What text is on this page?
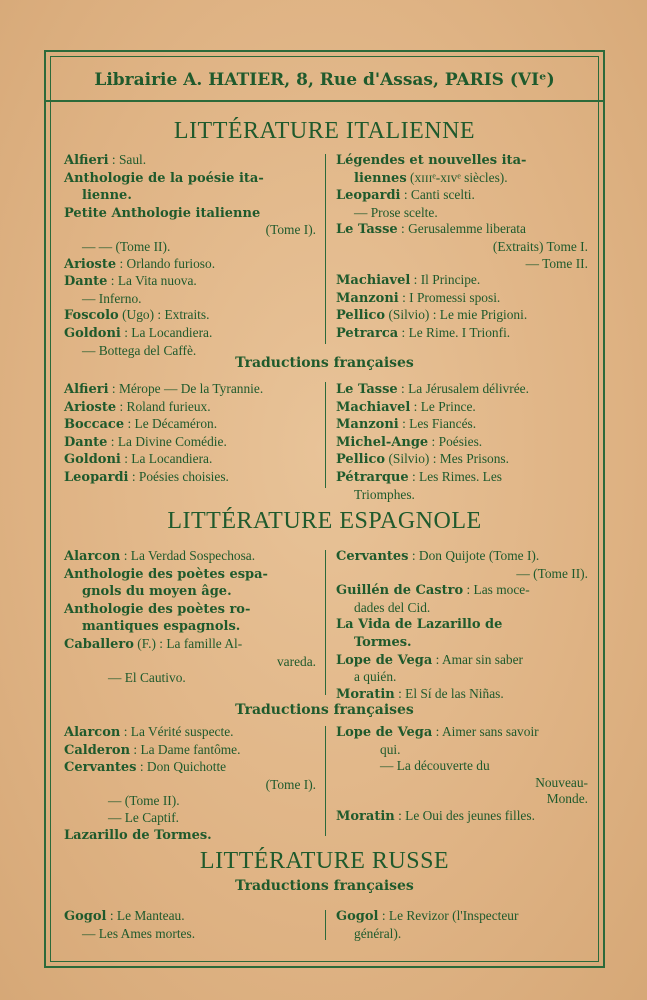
Librairie A. HATIER, 8, Rue d'Assas, PARIS (VIᵉ)
LITTÉRATURE ITALIENNE
Alfieri : Saul.
Anthologie de la poésie ita-
lienne.
Petite Anthologie italienne
(Tome I).
— — (Tome II).
Arioste : Orlando furioso.
Dante : La Vita nuova.
— Inferno.
Foscolo (Ugo) : Extraits.
Goldoni : La Locandiera.
— Bottega del Caffè.
Légendes et nouvelles ita-
liennes (xɪɪɪᵉ-xɪᴠᵉ siècles).
Leopardi : Canti scelti.
— Prose scelte.
Le Tasse : Gerusalemme liberata
(Extraits) Tome I.
— Tome II.
Machiavel : Il Principe.
Manzoni : I Promessi sposi.
Pellico (Silvio) : Le mie Prigioni.
Petrarca : Le Rime. I Trionfi.
Traductions françaises
Alfieri : Mérope — De la Tyrannie.
Arioste : Roland furieux.
Boccace : Le Décaméron.
Dante : La Divine Comédie.
Goldoni : La Locandiera.
Leopardi : Poésies choisies.
Le Tasse : La Jérusalem délivrée.
Machiavel : Le Prince.
Manzoni : Les Fiancés.
Michel-Ange : Poésies.
Pellico (Silvio) : Mes Prisons.
Pétrarque : Les Rimes. Les
Triomphes.
LITTÉRATURE ESPAGNOLE
Alarcon : La Verdad Sospechosa.
Anthologie des poètes espa-
gnols du moyen âge.
Anthologie des poètes ro-
mantiques espagnols.
Caballero (F.) : La famille Al-
vareda.
— El Cautivo.
Cervantes : Don Quijote (Tome I).
— (Tome II).
Guillén de Castro : Las moce-
dades del Cid.
La Vida de Lazarillo de
Tormes.
Lope de Vega : Amar sin saber
a quién.
Moratin : El Sí de las Niñas.
Traductions françaises
Alarcon : La Vérité suspecte.
Calderon : La Dame fantôme.
Cervantes : Don Quichotte
(Tome I).
— (Tome II).
— Le Captif.
Lazarillo de Tormes.
Lope de Vega : Aimer sans savoir
qui.
— La découverte du
Nouveau-
Monde.
Moratin : Le Oui des jeunes filles.
LITTÉRATURE RUSSE
Traductions françaises
Gogol : Le Manteau.
— Les Ames mortes.
Gogol : Le Revizor (l'Inspecteur
général).
